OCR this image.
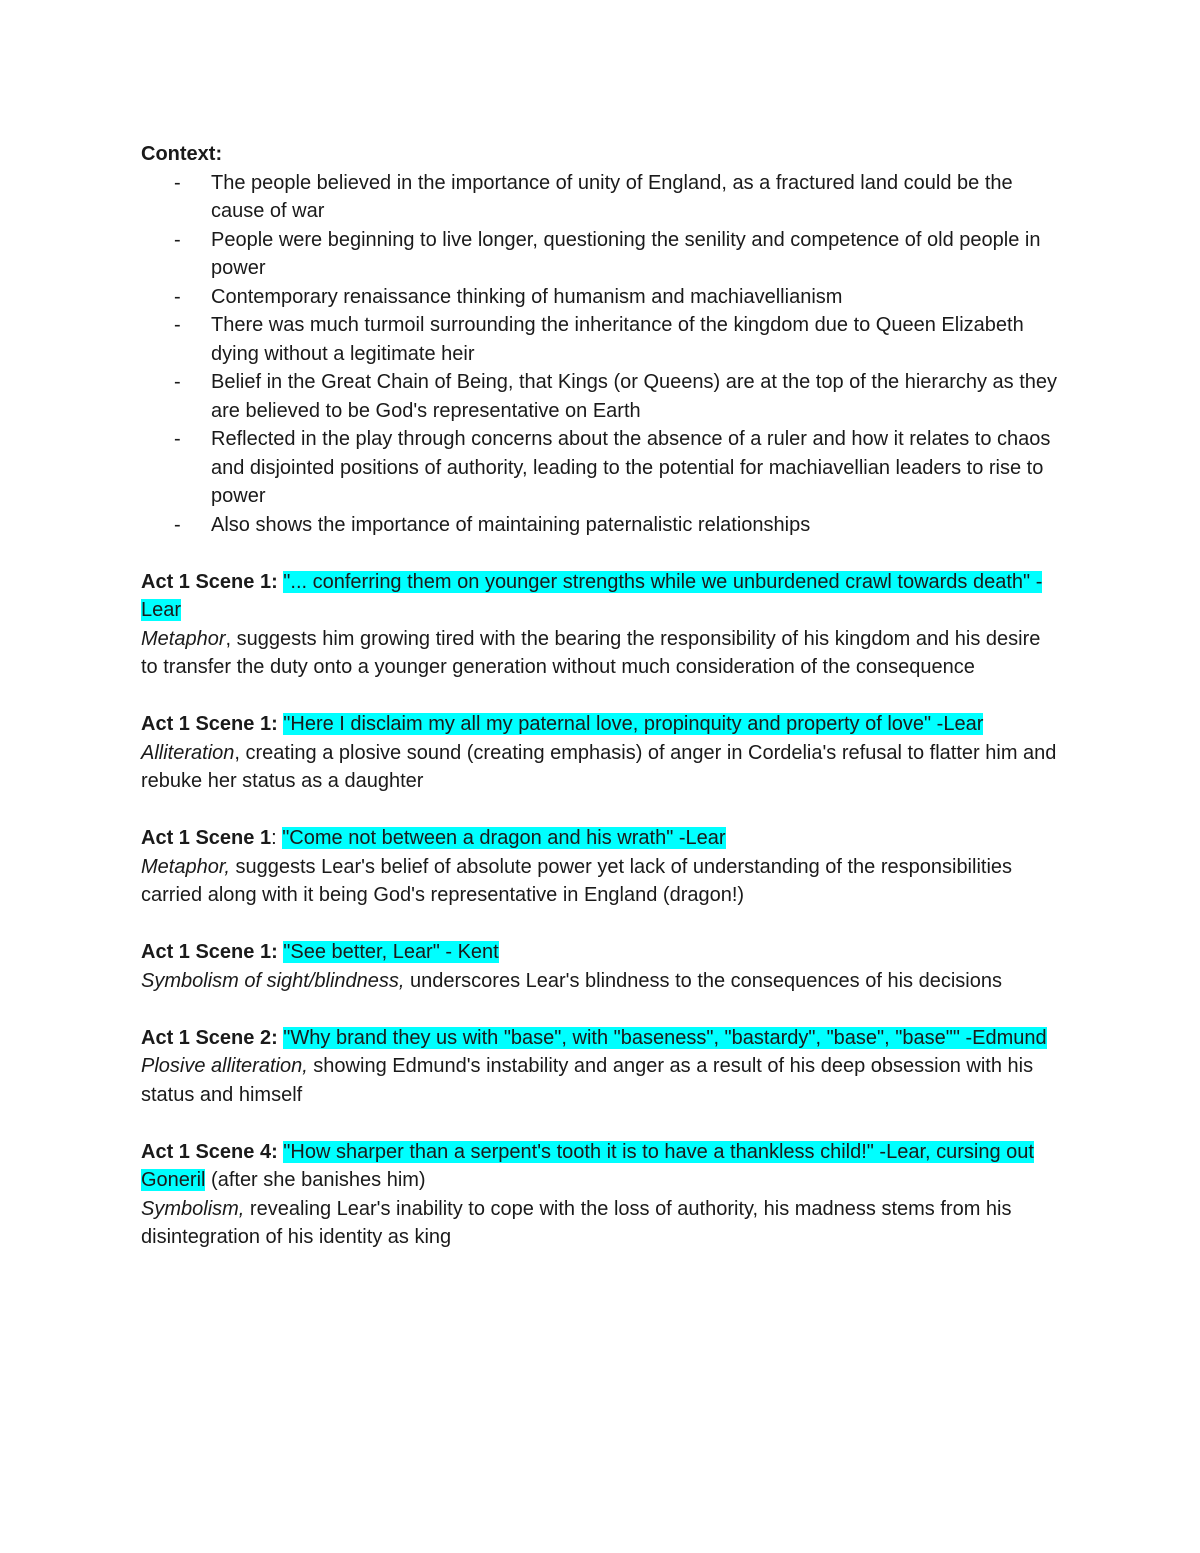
Context:

- The people believed in the importance of unity of England, as a fractured land could be the cause of war
- People were beginning to live longer, questioning the senility and competence of old people in power
- Contemporary renaissance thinking of humanism and machiavellianism
- There was much turmoil surrounding the inheritance of the kingdom due to Queen Elizabeth dying without a legitimate heir
- Belief in the Great Chain of Being, that Kings (or Queens) are at the top of the hierarchy as they are believed to be God's representative on Earth
- Reflected in the play through concerns about the absence of a ruler and how it relates to chaos and disjointed positions of authority, leading to the potential for machiavellian leaders to rise to power
- Also shows the importance of maintaining paternalistic relationships

Act 1 Scene 1: "... conferring them on younger strengths while we unburdened crawl towards death" -Lear

Metaphor, suggests him growing tired with the bearing the responsibility of his kingdom and his desire to transfer the duty onto a younger generation without much consideration of the consequence

Act 1 Scene 1: "Here I disclaim my all my paternal love, propinquity and property of love" -Lear

Alliteration, creating a plosive sound (creating emphasis) of anger in Cordelia's refusal to flatter him and rebuke her status as a daughter

Act 1 Scene 1: "Come not between a dragon and his wrath" -Lear

Metaphor, suggests Lear's belief of absolute power yet lack of understanding of the responsibilities carried along with it being God's representative in England (dragon!)

Act 1 Scene 1: "See better, Lear" - Kent

Symbolism of sight/blindness, underscores Lear's blindness to the consequences of his decisions

Act 1 Scene 2: "Why brand they us with "base", with "baseness", "bastardy", "base", "base"" -Edmund

Plosive alliteration, showing Edmund's instability and anger as a result of his deep obsession with his status and himself

Act 1 Scene 4: "How sharper than a serpent's tooth it is to have a thankless child!" -Lear, cursing out Goneril (after she banishes him)

Symbolism, revealing Lear's inability to cope with the loss of authority, his madness stems from his disintegration of his identity as king
